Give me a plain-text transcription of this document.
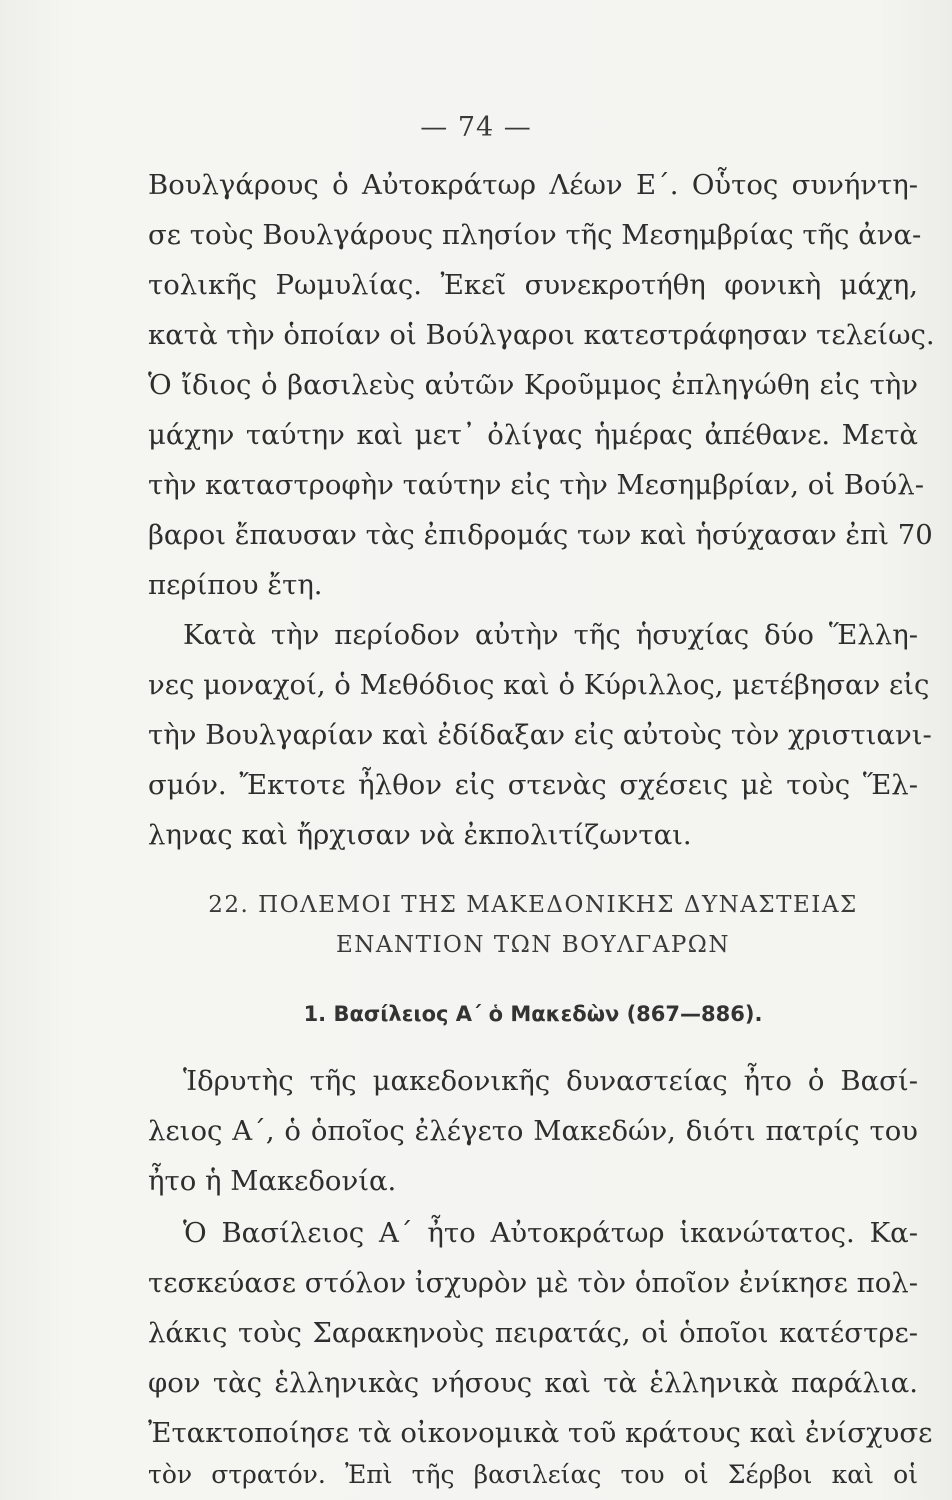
— 74 —
Βουλγάρους ὁ Αὐτοκράτωρ Λέων Ε΄. Οὗτος συνήντη-
σε τοὺς Βουλγάρους πλησίον τῆς Μεσημβρίας τῆς ἀνα-
τολικῆς Ρωμυλίας. Ἐκεῖ συνεκροτήθη φονικὴ μάχη,
κατὰ τὴν ὁποίαν οἱ Βούλγαροι κατεστράφησαν τελείως.
Ὁ ἴδιος ὁ βασιλεὺς αὐτῶν Κροῦμμος ἐπληγώθη εἰς τὴν
μάχην ταύτην καὶ μετ᾽ ὀλίγας ἡμέρας ἀπέθανε. Μετὰ
τὴν καταστροφὴν ταύτην εἰς τὴν Μεσημβρίαν, οἱ Βούλ-
βαροι ἔπαυσαν τὰς ἐπιδρομάς των καὶ ἡσύχασαν ἐπὶ 70
περίπου ἔτη.
Κατὰ τὴν περίοδον αὐτὴν τῆς ἡσυχίας δύο Ἕλλη-
νες μοναχοί, ὁ Μεθόδιος καὶ ὁ Κύριλλος, μετέβησαν εἰς
τὴν Βουλγαρίαν καὶ ἐδίδαξαν εἰς αὐτοὺς τὸν χριστιανι-
σμόν. Ἔκτοτε ἦλθον εἰς στενὰς σχέσεις μὲ τοὺς Ἕλ-
ληνας καὶ ἤρχισαν νὰ ἐκπολιτίζωνται.
22. ΠΟΛΕΜΟΙ ΤΗΣ ΜΑΚΕΔΟΝΙΚΗΣ ΔΥΝΑΣΤΕΙΑΣ
ΕΝΑΝΤΙΟΝ ΤΩΝ ΒΟΥΛΓΑΡΩΝ
1. Βασίλειος Α΄ ὁ Μακεδὼν (867—886).
Ἱδρυτὴς τῆς μακεδονικῆς δυναστείας ἦτο ὁ Βασί-
λειος Α΄, ὁ ὁποῖος ἐλέγετο Μακεδών, διότι πατρίς του
ἦτο ἡ Μακεδονία.
Ὁ Βασίλειος Α΄ ἦτο Αὐτοκράτωρ ἱκανώτατος. Κα-
τεσκεύασε στόλον ἰσχυρὸν μὲ τὸν ὁποῖον ἐνίκησε πολ-
λάκις τοὺς Σαρακηνοὺς πειρατάς, οἱ ὁποῖοι κατέστρε-
φον τὰς ἑλληνικὰς νήσους καὶ τὰ ἑλληνικὰ παράλια.
Ἐτακτοποίησε τὰ οἰκονομικὰ τοῦ κράτους καὶ ἐνίσχυσε
τὸν στρατόν. Ἐπὶ τῆς βασιλείας του οἱ Σέρβοι καὶ οἱ
